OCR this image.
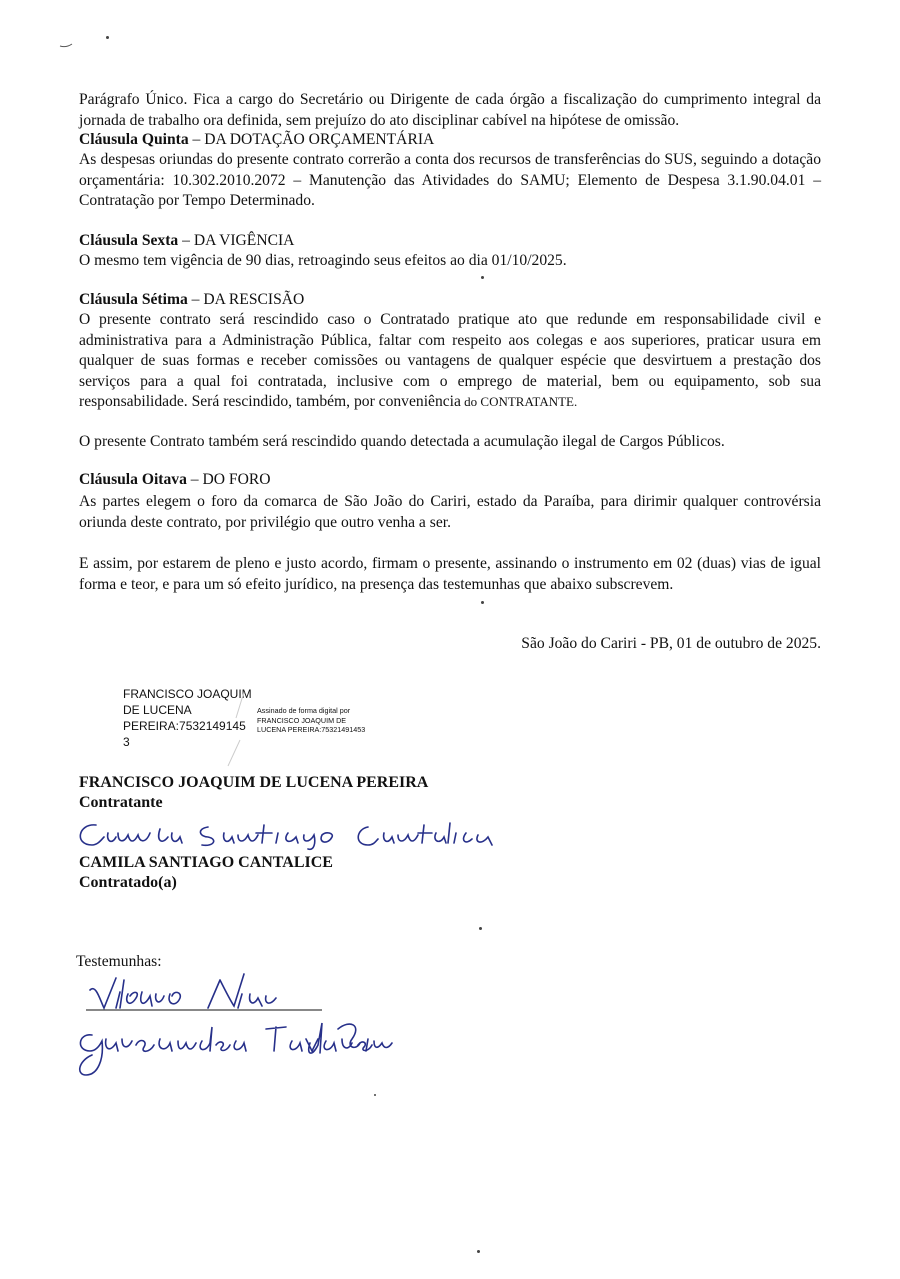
Parágrafo Único. Fica a cargo do Secretário ou Dirigente de cada órgão a fiscalização do cumprimento integral da jornada de trabalho ora definida, sem prejuízo do ato disciplinar cabível na hipótese de omissão.
Cláusula Quinta – DA DOTAÇÃO ORÇAMENTÁRIA
As despesas oriundas do presente contrato correrão a conta dos recursos de transferências do SUS, seguindo a dotação orçamentária: 10.302.2010.2072 – Manutenção das Atividades do SAMU; Elemento de Despesa 3.1.90.04.01 – Contratação por Tempo Determinado.
Cláusula Sexta – DA VIGÊNCIA
O mesmo tem vigência de 90 dias, retroagindo seus efeitos ao dia 01/10/2025.
Cláusula Sétima – DA RESCISÃO
O presente contrato será rescindido caso o Contratado pratique ato que redunde em responsabilidade civil e administrativa para a Administração Pública, faltar com respeito aos colegas e aos superiores, praticar usura em qualquer de suas formas e receber comissões ou vantagens de qualquer espécie que desvirtuem a prestação dos serviços para a qual foi contratada, inclusive com o emprego de material, bem ou equipamento, sob sua responsabilidade. Será rescindido, também, por conveniência do CONTRATANTE.
O presente Contrato também será rescindido quando detectada a acumulação ilegal de Cargos Públicos.
Cláusula Oitava – DO FORO
As partes elegem o foro da comarca de São João do Cariri, estado da Paraíba, para dirimir qualquer controvérsia oriunda deste contrato, por privilégio que outro venha a ser.
E assim, por estarem de pleno e justo acordo, firmam o presente, assinando o instrumento em 02 (duas) vias de igual forma e teor, e para um só efeito jurídico, na presença das testemunhas que abaixo subscrevem.
São João do Cariri - PB, 01 de outubro de 2025.
FRANCISCO JOAQUIM
DE LUCENA
PEREIRA:7532149145
3
Assinado de forma digital por
FRANCISCO JOAQUIM DE
LUCENA PEREIRA:75321491453
FRANCISCO JOAQUIM DE LUCENA PEREIRA
Contratante
CAMILA SANTIAGO CANTALICE
Contratado(a)
Testemunhas:
